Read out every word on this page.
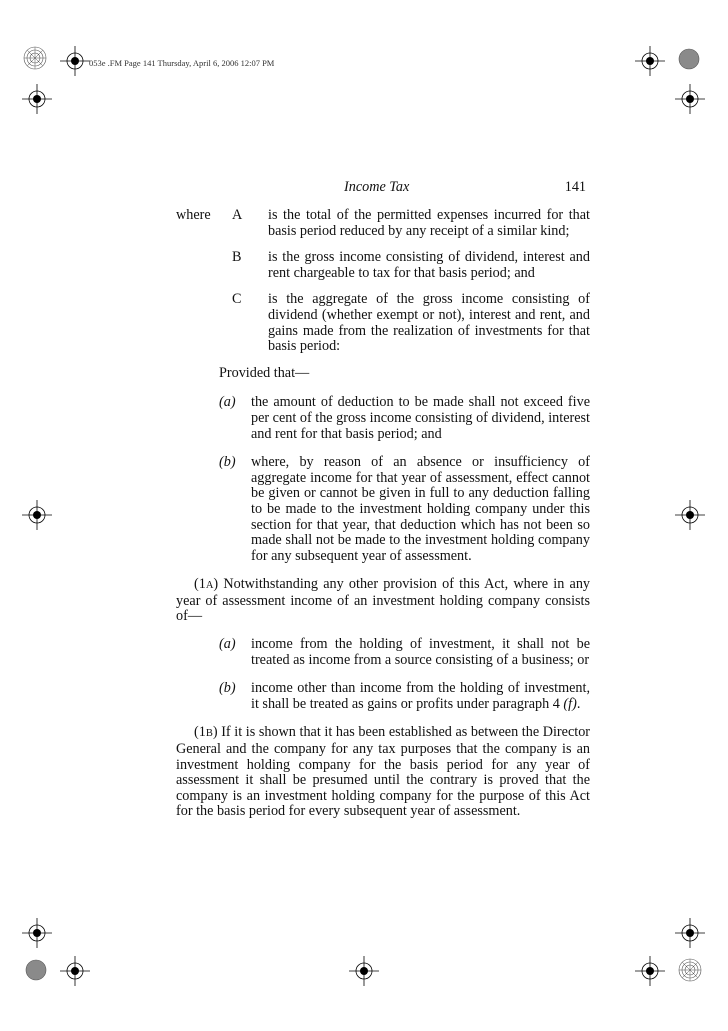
053e .FM Page 141 Thursday, April 6, 2006 12:07 PM
Income Tax	141
where	A	is the total of the permitted expenses incurred for that basis period reduced by any receipt of a similar kind;
B	is the gross income consisting of dividend, interest and rent chargeable to tax for that basis period; and
C	is the aggregate of the gross income consisting of dividend (whether exempt or not), interest and rent, and gains made from the realization of investments for that basis period:
Provided that—
(a)	the amount of deduction to be made shall not exceed five per cent of the gross income consisting of dividend, interest and rent for that basis period; and
(b)	where, by reason of an absence or insufficiency of aggregate income for that year of assessment, effect cannot be given or cannot be given in full to any deduction falling to be made to the investment holding company under this section for that year, that deduction which has not been so made shall not be made to the investment holding company for any subsequent year of assessment.
(1A) Notwithstanding any other provision of this Act, where in any year of assessment income of an investment holding company consists of—
(a)	income from the holding of investment, it shall not be treated as income from a source consisting of a business; or
(b)	income other than income from the holding of investment, it shall be treated as gains or profits under paragraph 4 (f).
(1B) If it is shown that it has been established as between the Director General and the company for any tax purposes that the company is an investment holding company for the basis period for any year of assessment it shall be presumed until the contrary is proved that the company is an investment holding company for the purpose of this Act for the basis period for every subsequent year of assessment.
